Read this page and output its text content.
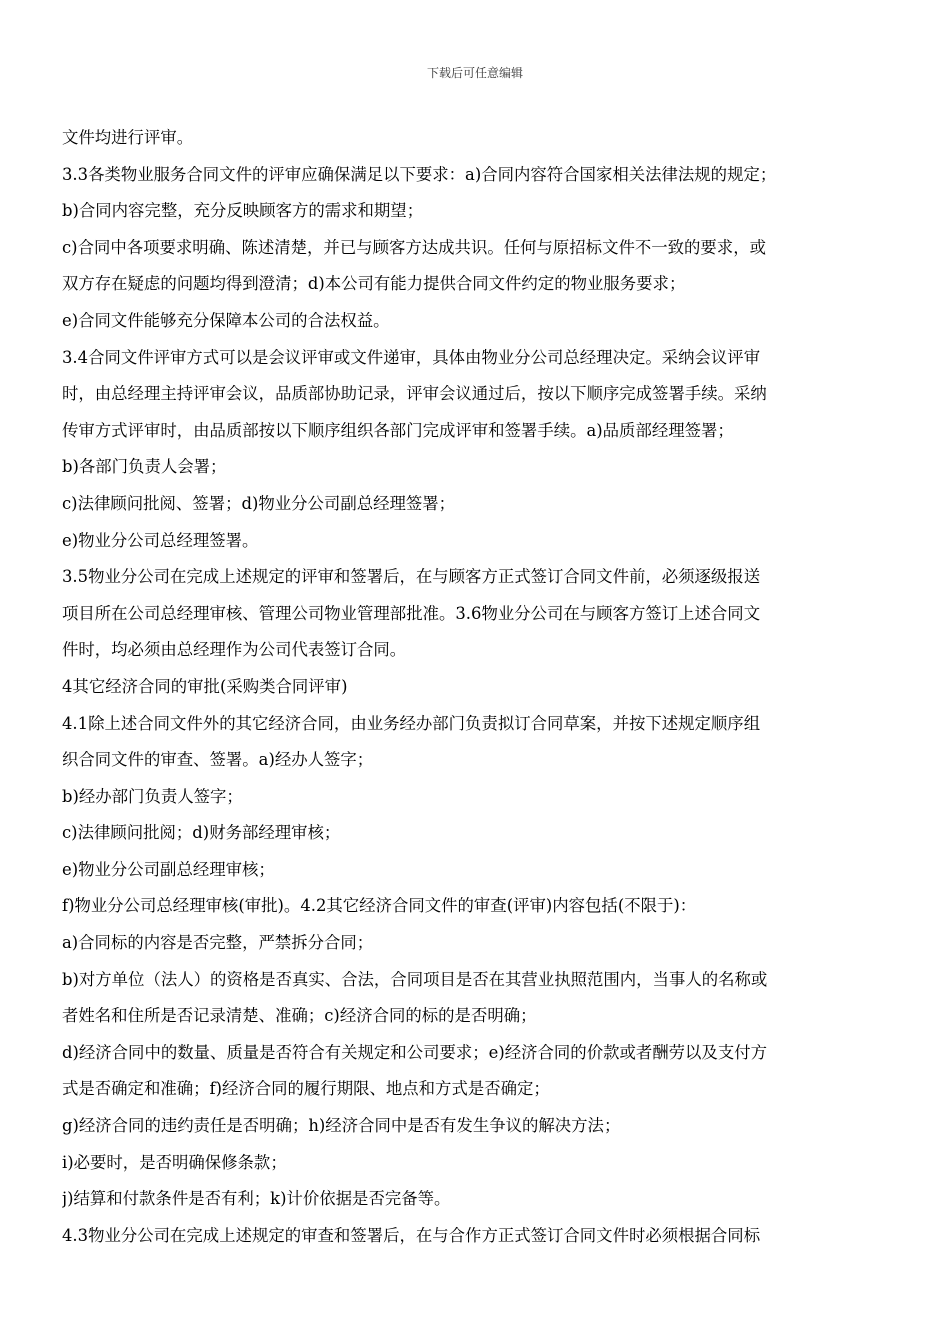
下载后可任意编辑
文件均进行评审。
3.3各类物业服务合同文件的评审应确保满足以下要求：a)合同内容符合国家相关法律法规的规定；
b)合同内容完整，充分反映顾客方的需求和期望；
c)合同中各项要求明确、陈述清楚，并已与顾客方达成共识。任何与原招标文件不一致的要求，或
双方存在疑虑的问题均得到澄清；d)本公司有能力提供合同文件约定的物业服务要求；
e)合同文件能够充分保障本公司的合法权益。
3.4合同文件评审方式可以是会议评审或文件递审，具体由物业分公司总经理决定。采纳会议评审
时，由总经理主持评审会议，品质部协助记录，评审会议通过后，按以下顺序完成签署手续。采纳
传审方式评审时，由品质部按以下顺序组织各部门完成评审和签署手续。a)品质部经理签署；
b)各部门负责人会署；
c)法律顾问批阅、签署；d)物业分公司副总经理签署；
e)物业分公司总经理签署。
3.5物业分公司在完成上述规定的评审和签署后，在与顾客方正式签订合同文件前，必须逐级报送
项目所在公司总经理审核、管理公司物业管理部批准。3.6物业分公司在与顾客方签订上述合同文
件时，均必须由总经理作为公司代表签订合同。
4其它经济合同的审批(采购类合同评审)
4.1除上述合同文件外的其它经济合同，由业务经办部门负责拟订合同草案，并按下述规定顺序组
织合同文件的审查、签署。a)经办人签字；
b)经办部门负责人签字；
c)法律顾问批阅；d)财务部经理审核；
e)物业分公司副总经理审核；
f)物业分公司总经理审核(审批)。4.2其它经济合同文件的审查(评审)内容包括(不限于)：
a)合同标的内容是否完整，严禁拆分合同；
b)对方单位（法人）的资格是否真实、合法，合同项目是否在其营业执照范围内，当事人的名称或
者姓名和住所是否记录清楚、准确；c)经济合同的标的是否明确；
d)经济合同中的数量、质量是否符合有关规定和公司要求；e)经济合同的价款或者酬劳以及支付方
式是否确定和准确；f)经济合同的履行期限、地点和方式是否确定；
g)经济合同的违约责任是否明确；h)经济合同中是否有发生争议的解决方法；
i)必要时，是否明确保修条款；
j)结算和付款条件是否有利；k)计价依据是否完备等。
4.3物业分公司在完成上述规定的审查和签署后，在与合作方正式签订合同文件时必须根据合同标
